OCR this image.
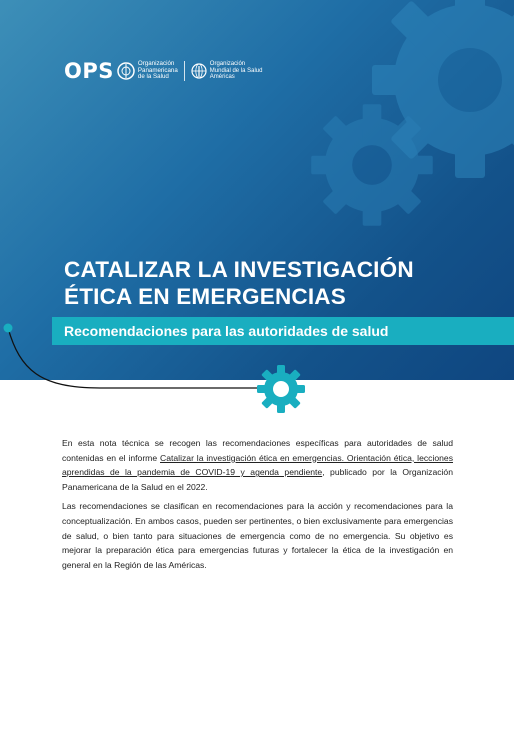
OPS	Organización
Panamericana
de la Salud
Organización
Mundial de la Salud
Américas
CATALIZAR LA INVESTIGACIÓN
ÉTICA EN EMERGENCIAS
Recomendaciones para las autoridades de salud

En esta nota técnica se recogen las recomendaciones específicas para autoridades de salud contenidas en el informe Catalizar la investigación ética en emergencias. Orientación ética, lecciones aprendidas de la pandemia de COVID-19 y agenda pendiente, publicado por la Organización Panamericana de la Salud en el 2022.

Las recomendaciones se clasifican en recomendaciones para la acción y recomendaciones para la conceptualización. En ambos casos, pueden ser pertinentes, o bien exclusivamente para emergencias de salud, o bien tanto para situaciones de emergencia como de no emergencia. Su objetivo es mejorar la preparación ética para emergencias futuras y fortalecer la ética de la investigación en general en la Región de las Américas.
